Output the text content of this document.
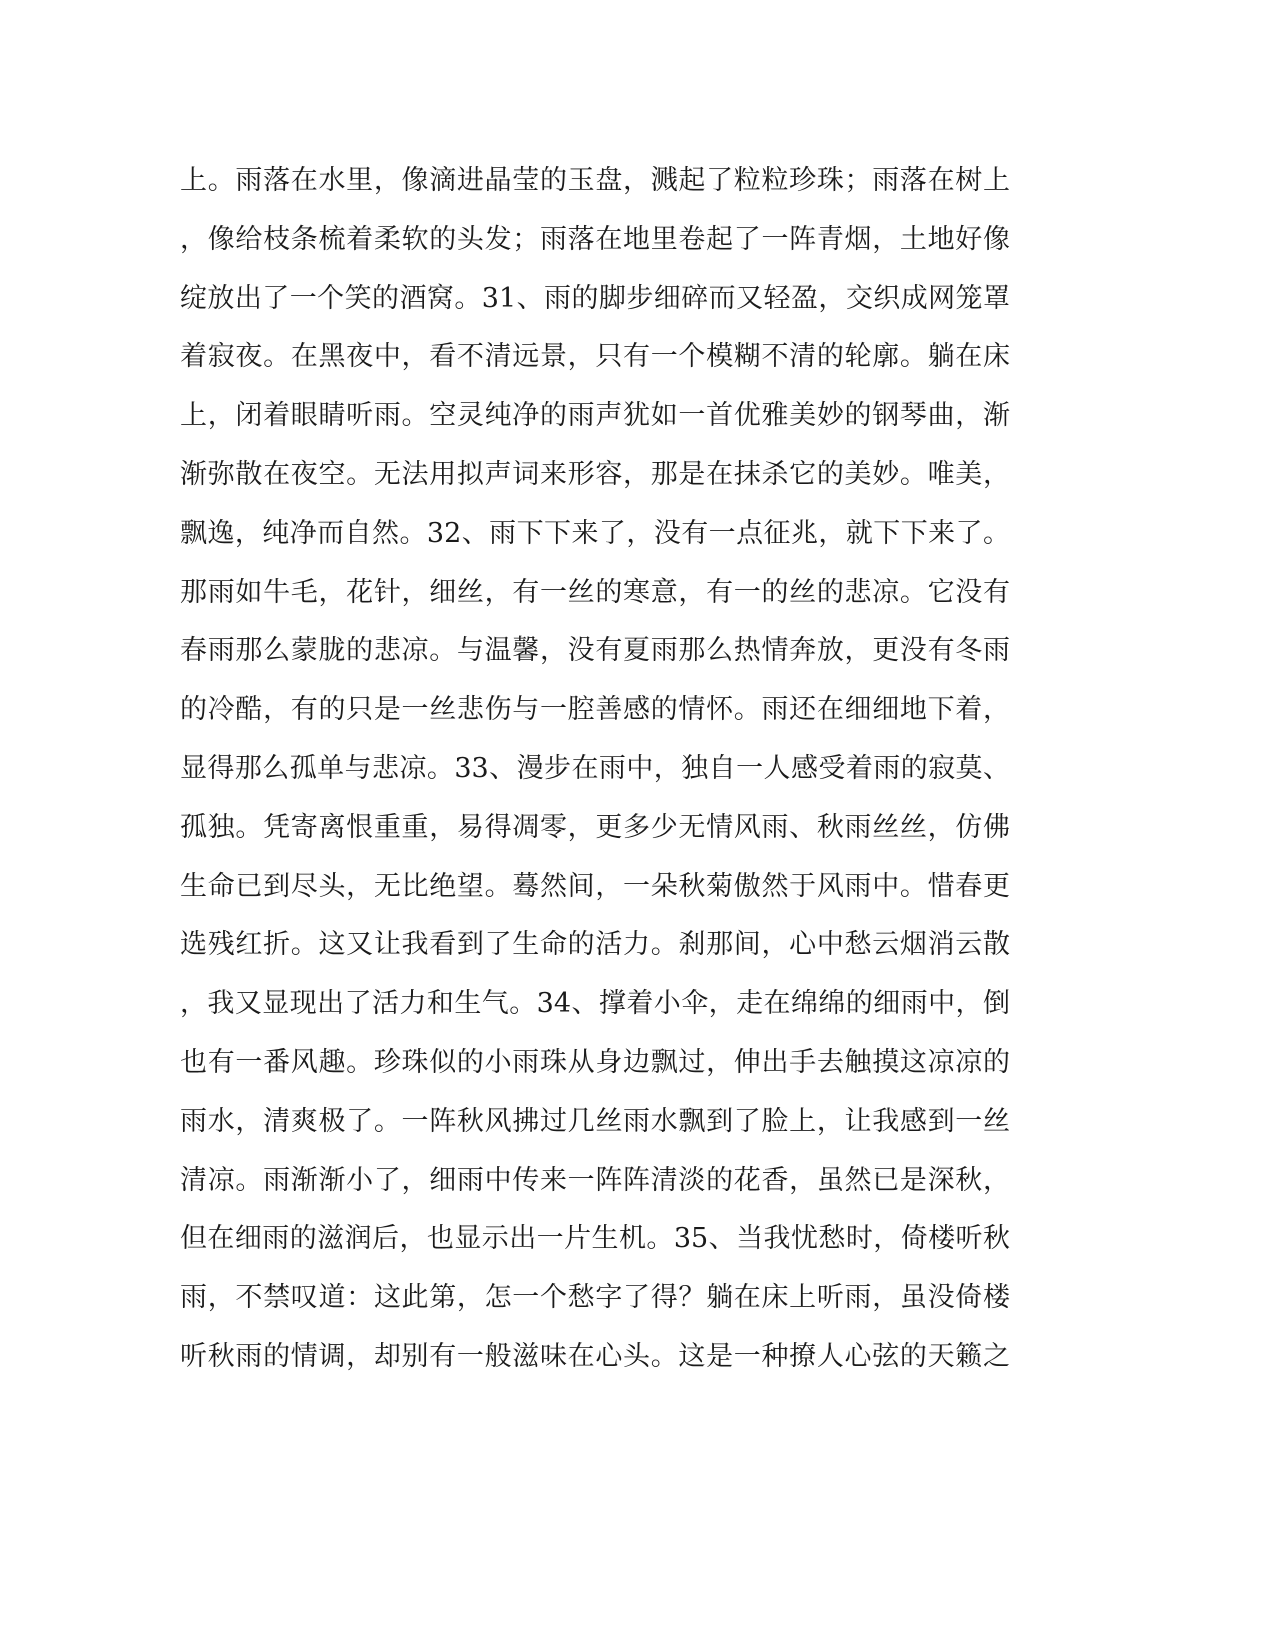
上。雨落在水里，像滴进晶莹的玉盘，溅起了粒粒珍珠；雨落在树上
，像给枝条梳着柔软的头发；雨落在地里卷起了一阵青烟，土地好像
绽放出了一个笑的酒窝。31、雨的脚步细碎而又轻盈，交织成网笼罩
着寂夜。在黑夜中，看不清远景，只有一个模糊不清的轮廓。躺在床
上，闭着眼睛听雨。空灵纯净的雨声犹如一首优雅美妙的钢琴曲，渐
渐弥散在夜空。无法用拟声词来形容，那是在抹杀它的美妙。唯美，
飘逸，纯净而自然。32、雨下下来了，没有一点征兆，就下下来了。
那雨如牛毛，花针，细丝，有一丝的寒意，有一的丝的悲凉。它没有
春雨那么蒙胧的悲凉。与温馨，没有夏雨那么热情奔放，更没有冬雨
的冷酷，有的只是一丝悲伤与一腔善感的情怀。雨还在细细地下着，
显得那么孤单与悲凉。33、漫步在雨中，独自一人感受着雨的寂莫、
孤独。凭寄离恨重重，易得凋零，更多少无情风雨、秋雨丝丝，仿佛
生命已到尽头，无比绝望。蓦然间，一朵秋菊傲然于风雨中。惜春更
选残红折。这又让我看到了生命的活力。刹那间，心中愁云烟消云散
，我又显现出了活力和生气。34、撑着小伞，走在绵绵的细雨中，倒
也有一番风趣。珍珠似的小雨珠从身边飘过，伸出手去触摸这凉凉的
雨水，清爽极了。一阵秋风拂过几丝雨水飘到了脸上，让我感到一丝
清凉。雨渐渐小了，细雨中传来一阵阵清淡的花香，虽然已是深秋，
但在细雨的滋润后，也显示出一片生机。35、当我忧愁时，倚楼听秋
雨，不禁叹道：这此第，怎一个愁字了得？躺在床上听雨，虽没倚楼
听秋雨的情调，却别有一般滋味在心头。这是一种撩人心弦的天籁之
